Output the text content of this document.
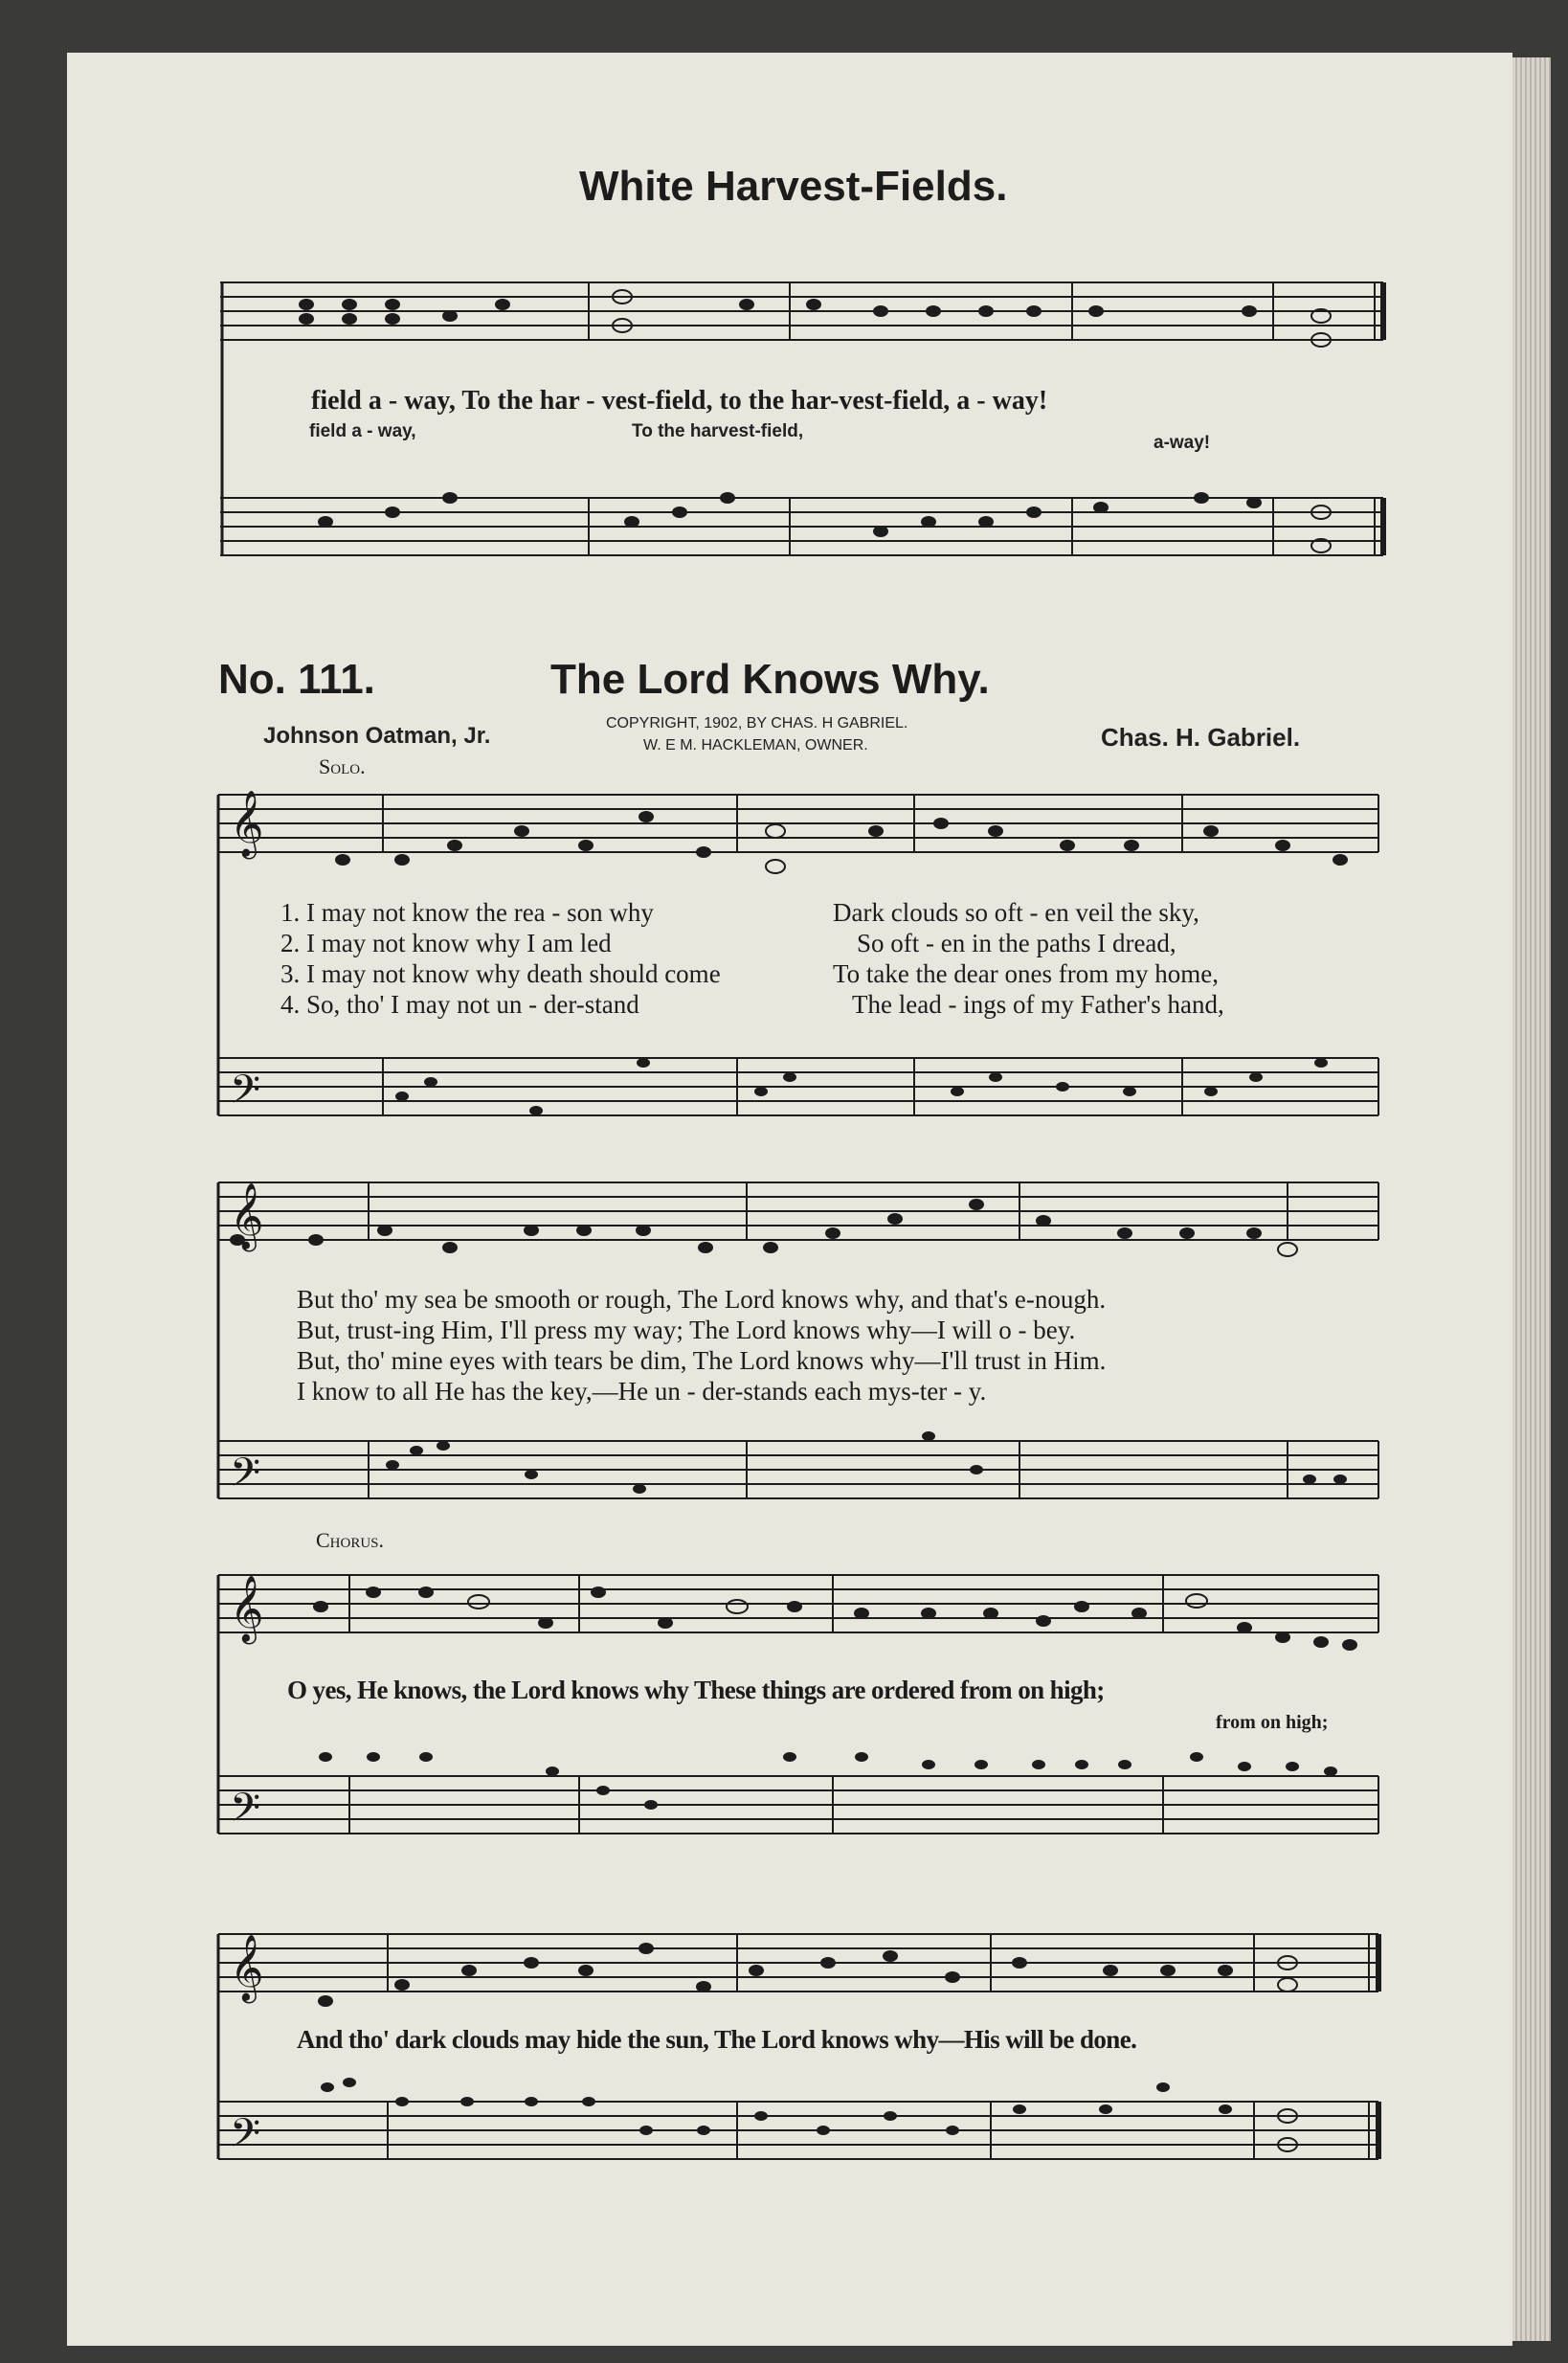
White Harvest-Fields.
field a - way, To the har - vest-field, to the har-vest-field, a - way!
field a - way,	To the harvest-field,
a-way!
No. 111.	The Lord Knows Why.
Johnson Oatman, Jr.	COPYRIGHT, 1902, BY CHAS. H GABRIEL.
W. E M. HACKLEMAN, OWNER.	Chas. H. Gabriel.
Solo.
𝄞
𝄢
𝄞
𝄢
𝄞
𝄢
𝄞
𝄢
1. I may not know the rea - son why	Dark clouds so oft - en veil the sky,
2. I may not know why I am led	So oft - en in the paths I dread,
3. I may not know why death should come	To take the dear ones from my home,
4. So, tho' I may not un - der-stand	The lead - ings of my Father's hand,
But tho' my sea be smooth or rough, The Lord knows why, and that's e-nough.
But, trust-ing Him, I'll press my way; The Lord knows why—I will o - bey.
But, tho' mine eyes with tears be dim, The Lord knows why—I'll trust in Him.
I know to all He has the key,—He un - der-stands each mys-ter - y.
Chorus.
O yes, He knows, the Lord knows why These things are ordered from on high;
from on high;
And tho' dark clouds may hide the sun, The Lord knows why—His will be done.
